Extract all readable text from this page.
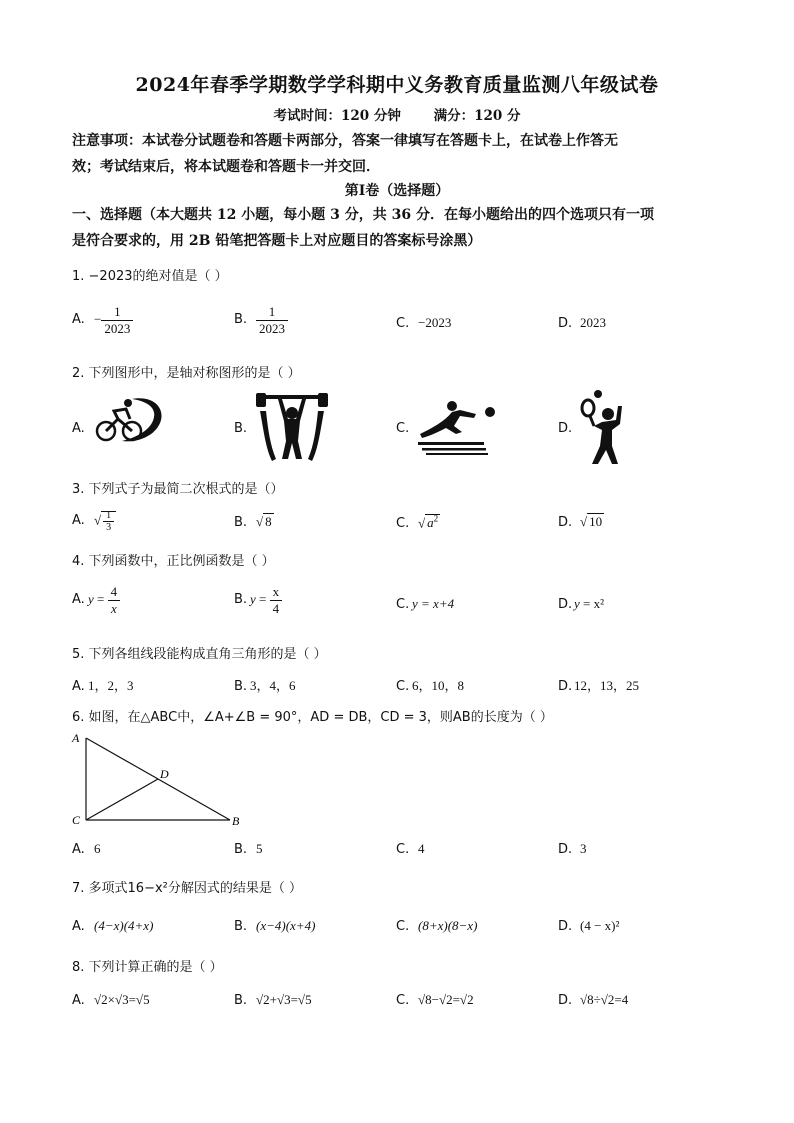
2024年春季学期数学学科期中义务教育质量监测八年级试卷
考试时间：120 分钟 满分：120 分
注意事项：本试卷分试题卷和答题卡两部分，答案一律填写在答题卡上，在试卷上作答无
效；考试结束后，将本试题卷和答题卡一并交回．
第Ⅰ卷（选择题）
一、选择题（本大题共 12 小题，每小题 3 分，共 36 分．在每小题给出的四个选项只有一项
是符合要求的，用 2B 铅笔把答题卡上对应题目的答案标号涂黑）
1. −2023的绝对值是（ ）
A. − $\frac{1}{2023}$	B. $\frac{1}{2023}$	C. −2023	D. 2023
2. 下列图形中，是轴对称图形的是（ ）
A.	B.	C.	D.
3. 下列式子为最简二次根式的是（）
A. √ $\frac{1}{3}$	B. √ 8	C. √ $a^2$	D. √ 10
4. 下列函数中，正比例函数是（ ）
A. $y = \frac{4}{x}$	B. $y = \frac{x}{4}$	C. y = x+4	D. y = x²
5. 下列各组线段能构成直角三角形的是（ ）
A. 1，2，3	B. 3，4，6	C. 6，10，8	D. 12，13，25
6. 如图，在△ABC中，∠A+∠B = 90°，AD = DB，CD = 3，则AB的长度为（ ）
A
C	B
D
A. 6	B. 5	C. 4	D. 3
7. 多项式16−x²分解因式的结果是（ ）
A. (4−x)(4+x)	B. (x−4)(x+4)	C. (8+x)(8−x)	D. (4 − x)²
8. 下列计算正确的是（ ）
A. √2×√3=√5	B. √2+√3=√5	C. √8−√2=√2	D. √8÷√2=4
